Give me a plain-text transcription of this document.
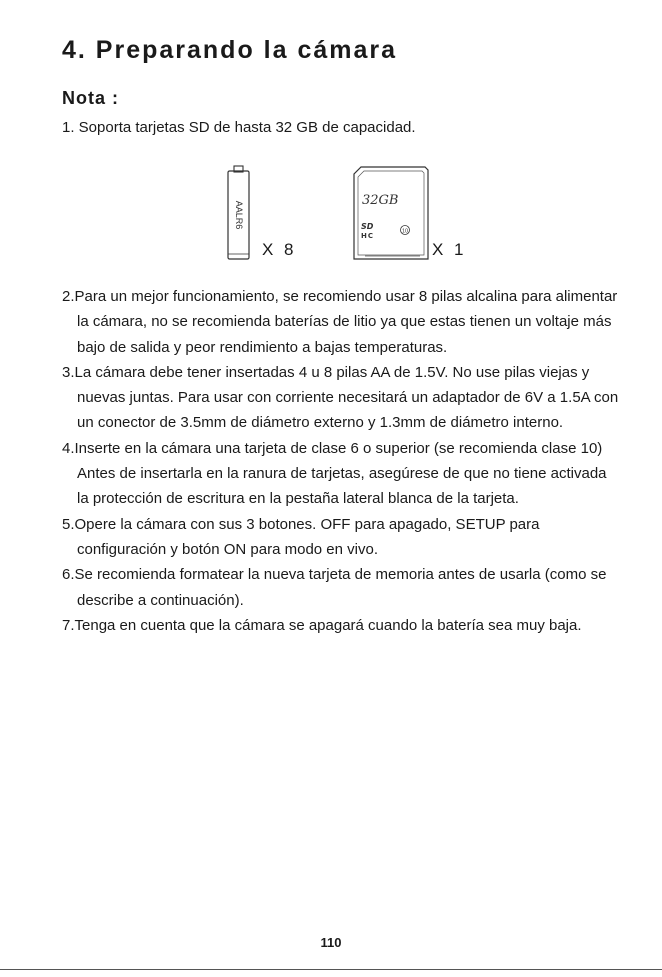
4. Preparando la cámara
Nota :
1. Soporta tarjetas SD de hasta 32 GB de capacidad.
AALR6
32GB
SD
HC
10
X 8	X 1
2.Para un mejor funcionamiento, se recomiendo usar 8 pilas alcalina para alimentar la cámara, no se recomienda baterías de litio ya que estas tienen un voltaje más bajo de salida y peor rendimiento a bajas temperaturas.
3.La cámara debe tener insertadas 4 u 8 pilas AA de 1.5V. No use pilas viejas y nuevas juntas. Para usar con corriente necesitará un adaptador de 6V a 1.5A con un conector de 3.5mm de diámetro externo y 1.3mm de diámetro interno.
4.Inserte en la cámara una tarjeta de clase 6 o superior (se recomienda clase 10) Antes de insertarla en la ranura de tarjetas, asegúrese de que no tiene activada la protección de escritura en la pestaña lateral blanca de la tarjeta.
5.Opere la cámara con sus 3 botones. OFF para apagado, SETUP para configuración y botón ON para modo en vivo.
6.Se recomienda formatear la nueva tarjeta de memoria antes de usarla (como se describe a continuación).
7.Tenga en cuenta que la cámara se apagará cuando la batería sea muy baja.
110
